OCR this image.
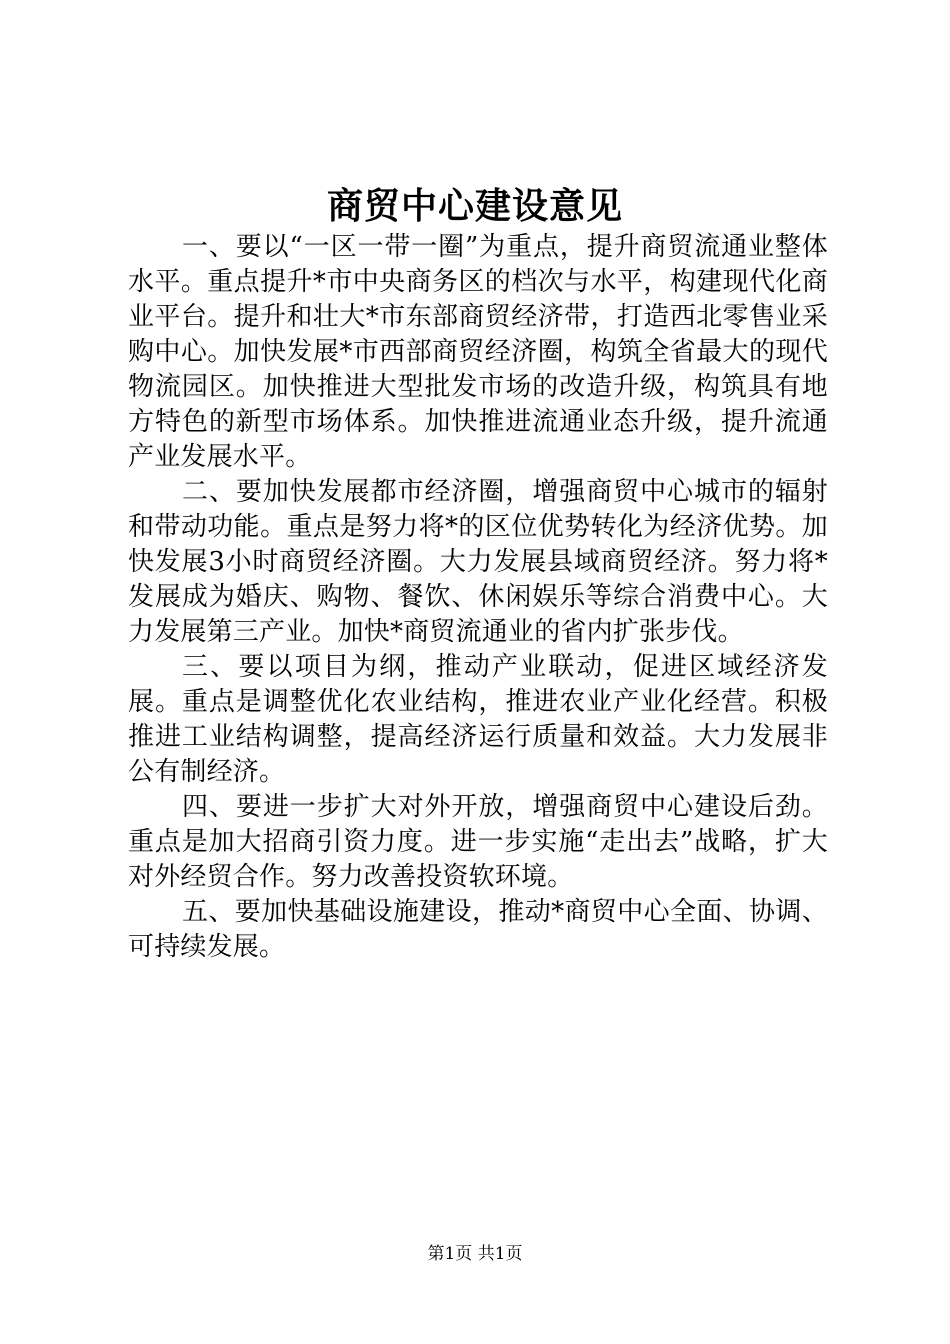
商贸中心建设意见

一、要以“一区一带一圈”为重点，提升商贸流通业整体水平。重点提升*市中央商务区的档次与水平，构建现代化商业平台。提升和壮大*市东部商贸经济带，打造西北零售业采购中心。加快发展*市西部商贸经济圈，构筑全省最大的现代物流园区。加快推进大型批发市场的改造升级，构筑具有地方特色的新型市场体系。加快推进流通业态升级，提升流通产业发展水平。

二、要加快发展都市经济圈，增强商贸中心城市的辐射和带动功能。重点是努力将*的区位优势转化为经济优势。加快发展3小时商贸经济圈。大力发展县域商贸经济。努力将*发展成为婚庆、购物、餐饮、休闲娱乐等综合消费中心。大力发展第三产业。加快*商贸流通业的省内扩张步伐。

三、要以项目为纲，推动产业联动，促进区域经济发展。重点是调整优化农业结构，推进农业产业化经营。积极推进工业结构调整，提高经济运行质量和效益。大力发展非公有制经济。

四、要进一步扩大对外开放，增强商贸中心建设后劲。重点是加大招商引资力度。进一步实施“走出去”战略，扩大对外经贸合作。努力改善投资软环境。

五、要加快基础设施建设，推动*商贸中心全面、协调、可持续发展。

第1页 共1页
